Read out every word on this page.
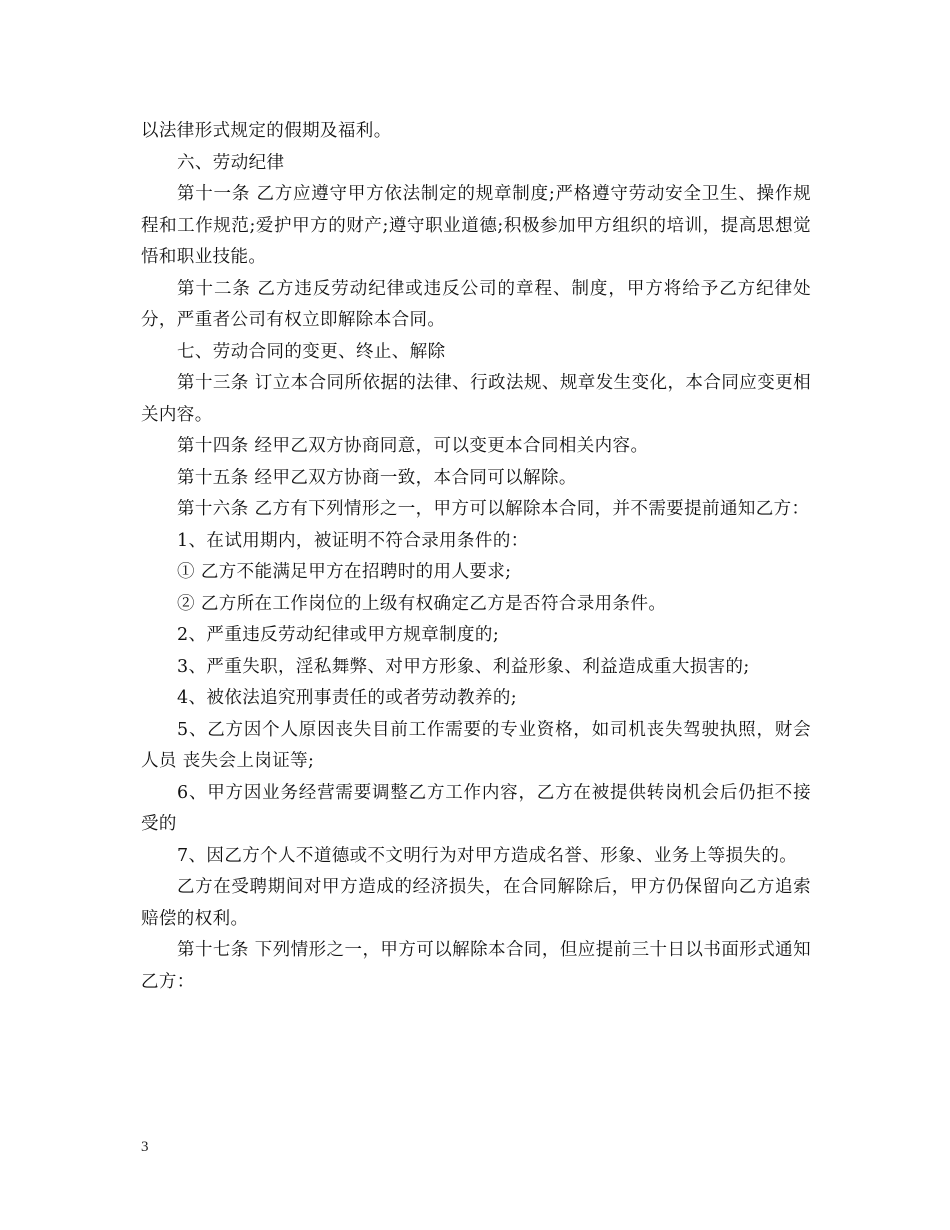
以法律形式规定的假期及福利。

六、劳动纪律

第十一条 乙方应遵守甲方依法制定的规章制度;严格遵守劳动安全卫生、操作规程和工作规范;爱护甲方的财产;遵守职业道德;积极参加甲方组织的培训，提高思想觉悟和职业技能。

第十二条 乙方违反劳动纪律或违反公司的章程、制度，甲方将给予乙方纪律处分，严重者公司有权立即解除本合同。

七、劳动合同的变更、终止、解除

第十三条 订立本合同所依据的法律、行政法规、规章发生变化，本合同应变更相关内容。

第十四条 经甲乙双方协商同意，可以变更本合同相关内容。

第十五条 经甲乙双方协商一致，本合同可以解除。

第十六条 乙方有下列情形之一，甲方可以解除本合同，并不需要提前通知乙方：

1、在试用期内，被证明不符合录用条件的：

① 乙方不能满足甲方在招聘时的用人要求;

② 乙方所在工作岗位的上级有权确定乙方是否符合录用条件。

2、严重违反劳动纪律或甲方规章制度的;

3、严重失职，淫私舞弊、对甲方形象、利益形象、利益造成重大损害的;

4、被依法追究刑事责任的或者劳动教养的;

5、乙方因个人原因丧失目前工作需要的专业资格，如司机丧失驾驶执照，财会人员 丧失会上岗证等;

6、甲方因业务经营需要调整乙方工作内容，乙方在被提供转岗机会后仍拒不接受的

7、因乙方个人不道德或不文明行为对甲方造成名誉、形象、业务上等损失的。

乙方在受聘期间对甲方造成的经济损失，在合同解除后，甲方仍保留向乙方追索赔偿的权利。

第十七条 下列情形之一，甲方可以解除本合同，但应提前三十日以书面形式通知乙方：

3
